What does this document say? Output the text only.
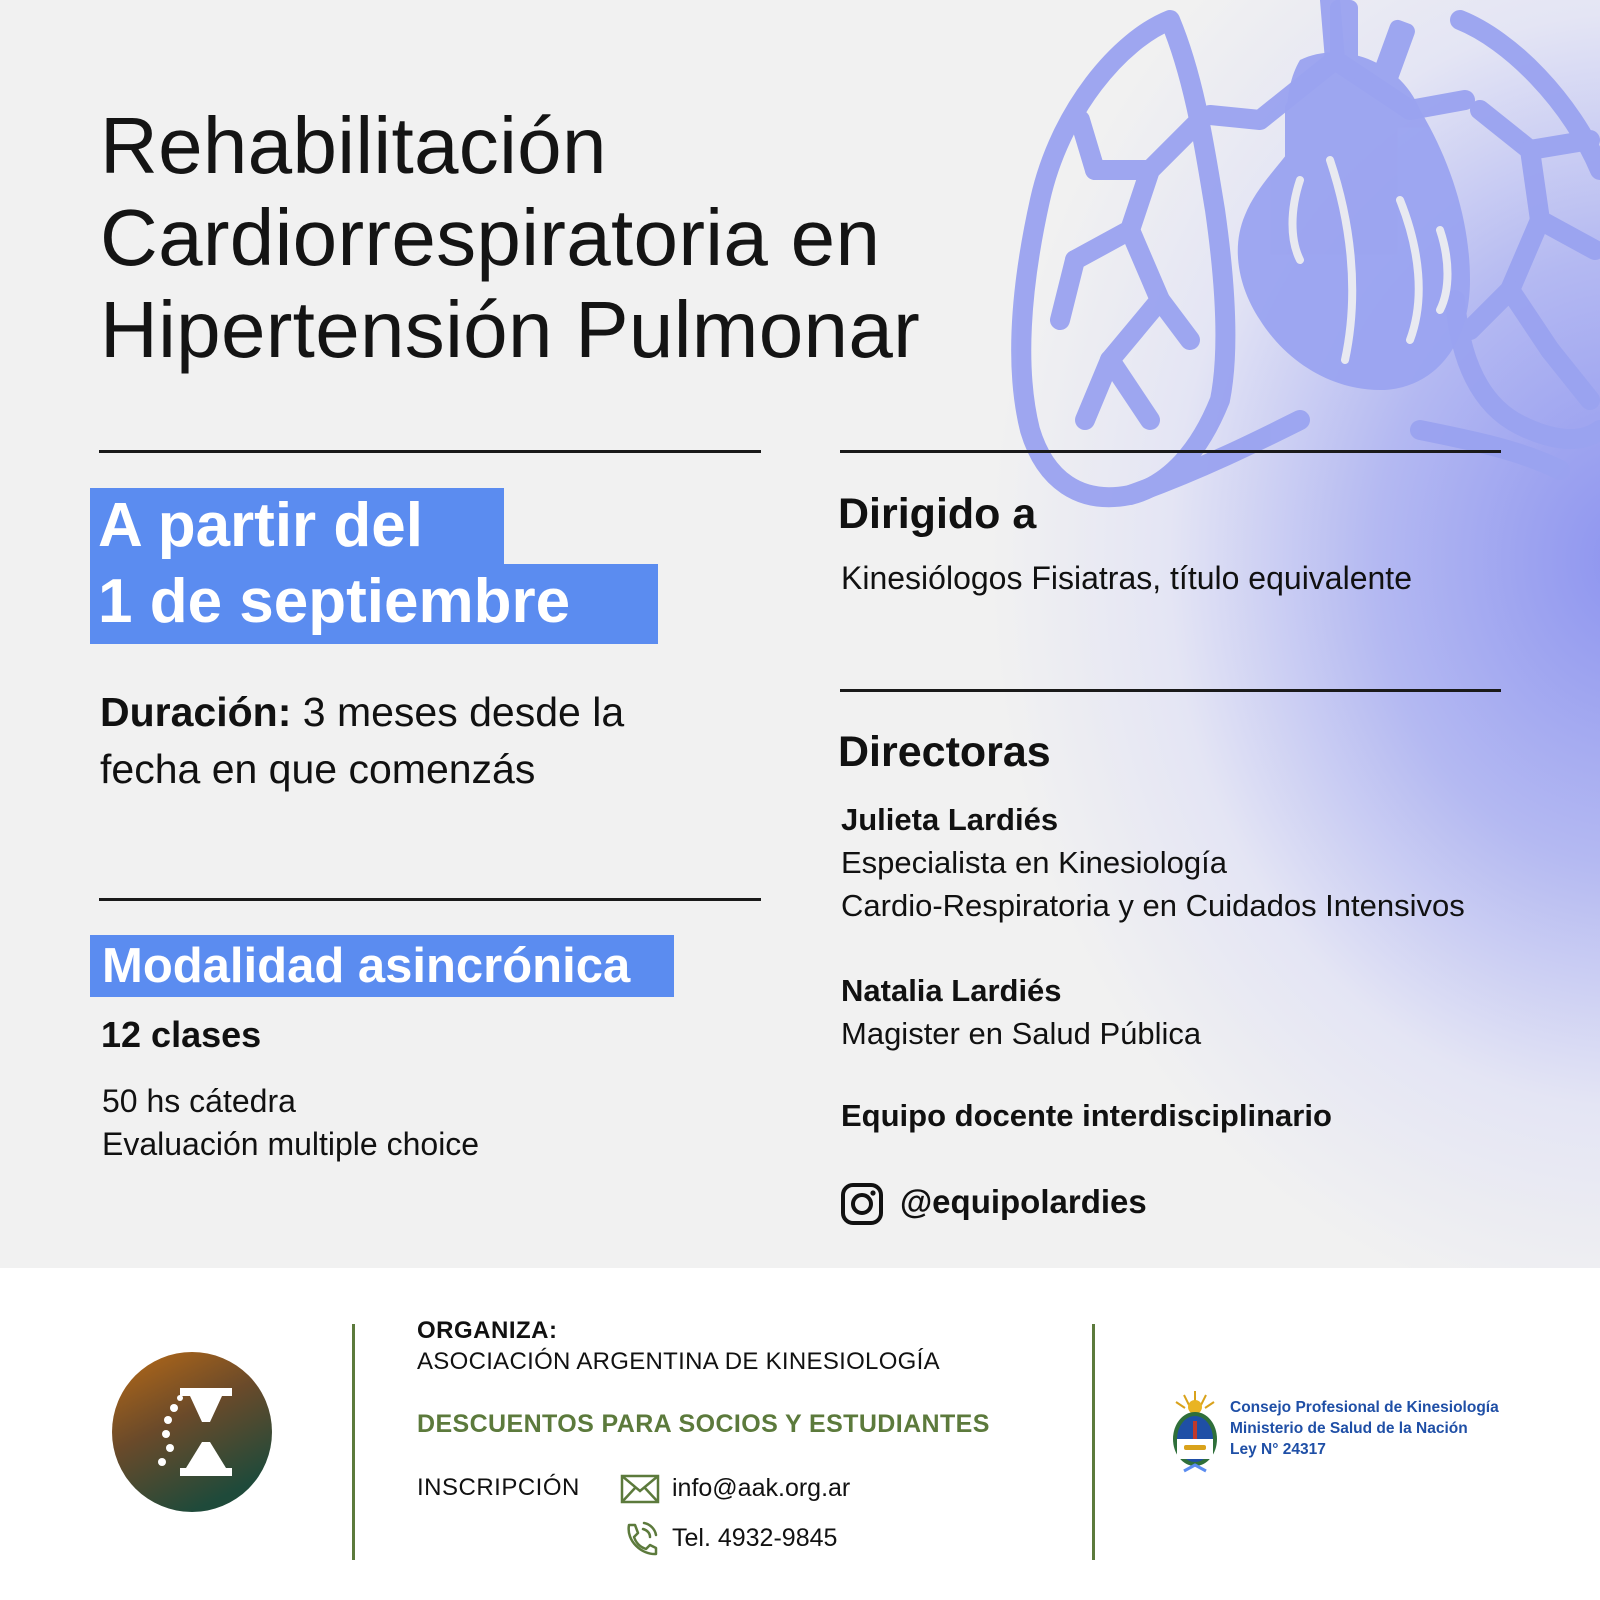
Rehabilitación
Cardiorrespiratoria en
Hipertensión Pulmonar
A partir del
1 de septiembre
Duración: 3 meses desde la
fecha en que comenzás
Modalidad asincrónica
12 clases
50 hs cátedra
Evaluación multiple choice
Dirigido a
Kinesiólogos Fisiatras, título equivalente
Directoras
Julieta Lardiés
Especialista en Kinesiología
Cardio-Respiratoria y en Cuidados Intensivos
Natalia Lardiés
Magister en Salud Pública
Equipo docente interdisciplinario
@equipolardies
ORGANIZA:
ASOCIACIÓN ARGENTINA DE KINESIOLOGÍA
DESCUENTOS PARA SOCIOS Y ESTUDIANTES
INSCRIPCIÓN	info@aak.org.ar
Tel. 4932-9845
Consejo Profesional de Kinesiología
Ministerio de Salud de la Nación
Ley N° 24317
